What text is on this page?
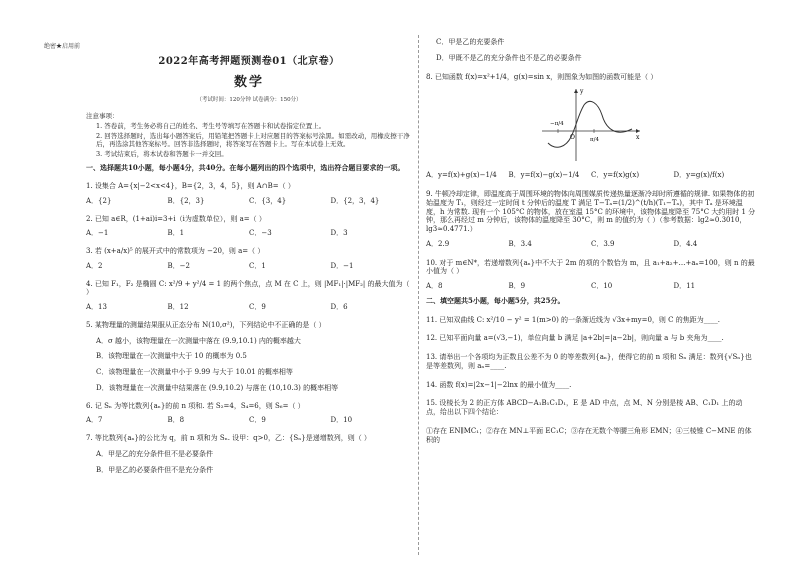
绝密★启用前
2022年高考押题预测卷01（北京卷）
数学
（考试时间：120分钟 试卷满分：150分）
注意事项：
1. 答卷前，考生务必将自己的姓名、考生号等填写在答题卡和试卷指定位置上。
2. 回答选择题时，选出每小题答案后，用铅笔把答题卡上对应题目的答案标号涂黑。如需改动，用橡皮擦干净后，再选涂其他答案标号。回答非选择题时，将答案写在答题卡上。写在本试卷上无效。
3. 考试结束后，将本试卷和答题卡一并交回。
一、选择题共10小题，每小题4分，共40分。在每小题列出的四个选项中，选出符合题目要求的一项。
1. 设集合 A={x|−2<x<4}，B={2，3，4，5}，则 A∩B=（ ）
A．{2}	B．{2，3}	C．{3，4}	D．{2，3，4}
2. 已知 a∈R，(1+ai)i=3+i（i为虚数单位），则 a=（ ）
A．−1	B．1	C．−3	D．3
3. 若 (x+a/x)⁵ 的展开式中的常数项为 −20，则 a=（ ）
A．2	B．−2	C．1	D．−1
4. 已知 F₁，F₂ 是椭圆 C: x²/9 + y²/4 = 1 的两个焦点，点 M 在 C 上，则 |MF₁|·|MF₂| 的最大值为（ ）
A．13	B．12	C．9	D．6
5. 某物理量的测量结果服从正态分布 N(10,σ²)，下列结论中不正确的是（ ）
A．σ 越小，该物理量在一次测量中落在 (9.9,10.1) 内的概率越大
B．该物理量在一次测量中大于 10 的概率为 0.5
C．该物理量在一次测量中小于 9.99 与大于 10.01 的概率相等
D．该物理量在一次测量中结果落在 (9.9,10.2) 与落在 (10,10.3) 的概率相等
6. 记 Sₙ 为等比数列{aₙ}的前 n 项和. 若 S₂=4，S₄=6，则 S₆=（ ）
A．7	B．8	C．9	D．10
7. 等比数列{aₙ}的公比为 q，前 n 项和为 Sₙ. 设甲：q>0，乙：{Sₙ}是递增数列，则（ ）
A．甲是乙的充分条件但不是必要条件
B．甲是乙的必要条件但不是充分条件
C．甲是乙的充要条件
D．甲既不是乙的充分条件也不是乙的必要条件
8. 已知函数 f(x)=x²+1/4，g(x)=sin x，则图象为如图的函数可能是（ ）
−π/4
O	π/4	x
y
A．y=f(x)+g(x)−1/4	B．y=f(x)−g(x)−1/4	C．y=f(x)g(x)	D．y=g(x)/f(x)
9. 牛顿冷却定律，即温度高于周围环境的物体向周围媒质传递热量逐渐冷却时所遵循的规律. 如果物体的初始温度为 T₁，则经过一定时间 t 分钟后的温度 T 满足 T−Tₐ=(1/2)^(t/h)(T₁−Tₐ)，其中 Tₐ 是环境温度，h 为常数. 现有一个 105°C 的物体，放在室温 15°C 的环境中，该物体温度降至 75°C 大约用时 1 分钟，那么再经过 m 分钟后，该物体的温度降至 30°C，则 m 的值约为（ ）（参考数据：lg2≈0.3010，lg3≈0.4771.）
A．2.9	B．3.4	C．3.9	D．4.4
10. 对于 m∈N*，若递增数列{aₙ}中不大于 2m 的项的个数恰为 m，且 a₁+a₂+…+aₙ=100，则 n 的最小值为（ ）
A．8	B．9	C．10	D．11
二、填空题共5小题，每小题5分，共25分。
11. 已知双曲线 C: x²/10 − y² = 1(m>0) 的一条渐近线为 √3x+my=0，则 C 的焦距为____.
12. 已知平面向量 a=(√3,−1)，单位向量 b 满足 |a+2b|=|a−2b|，则向量 a 与 b 夹角为____.
13. 请举出一个各项均为正数且公差不为 0 的等差数列{aₙ}，使得它的前 n 项和 Sₙ 满足：数列{√Sₙ}也是等差数列，则 aₙ=____.
14. 函数 f(x)=|2x−1|−2lnx 的最小值为____.
15. 设棱长为 2 的正方体 ABCD−A₁B₁C₁D₁，E 是 AD 中点，点 M、N 分别是棱 AB、C₁D₁ 上的动点，给出以下四个结论：
①存在 EN∥MC₁；②存在 MN⊥平面 EC₁C；③存在无数个等腰三角形 EMN；④三棱锥 C−MNE 的体积的
